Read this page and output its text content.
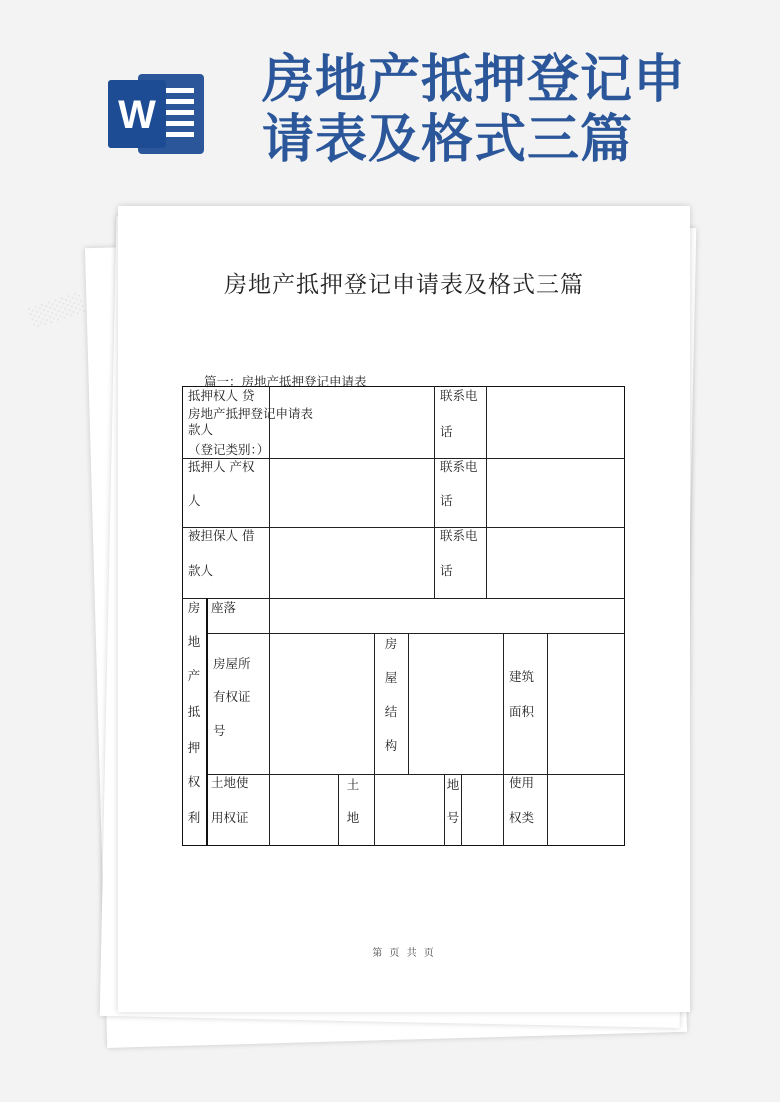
W
房地产抵押登记申
请表及格式三篇
房地产抵押登记申请表及格式三篇
篇一：房地产抵押登记申请表
抵押权人 贷
房地产抵押登记申请表
款人
（登记类别：）
联系电
话
抵押人 产权
人
联系电
话
被担保人 借
款人
联系电
话
房
地
产
抵
押
权
利
座落
房屋所
有权证
号
房
屋
结
构
建筑
面积
土地使
用权证
土
地
地
号
使用
权类
第 页 共 页
░░░░
